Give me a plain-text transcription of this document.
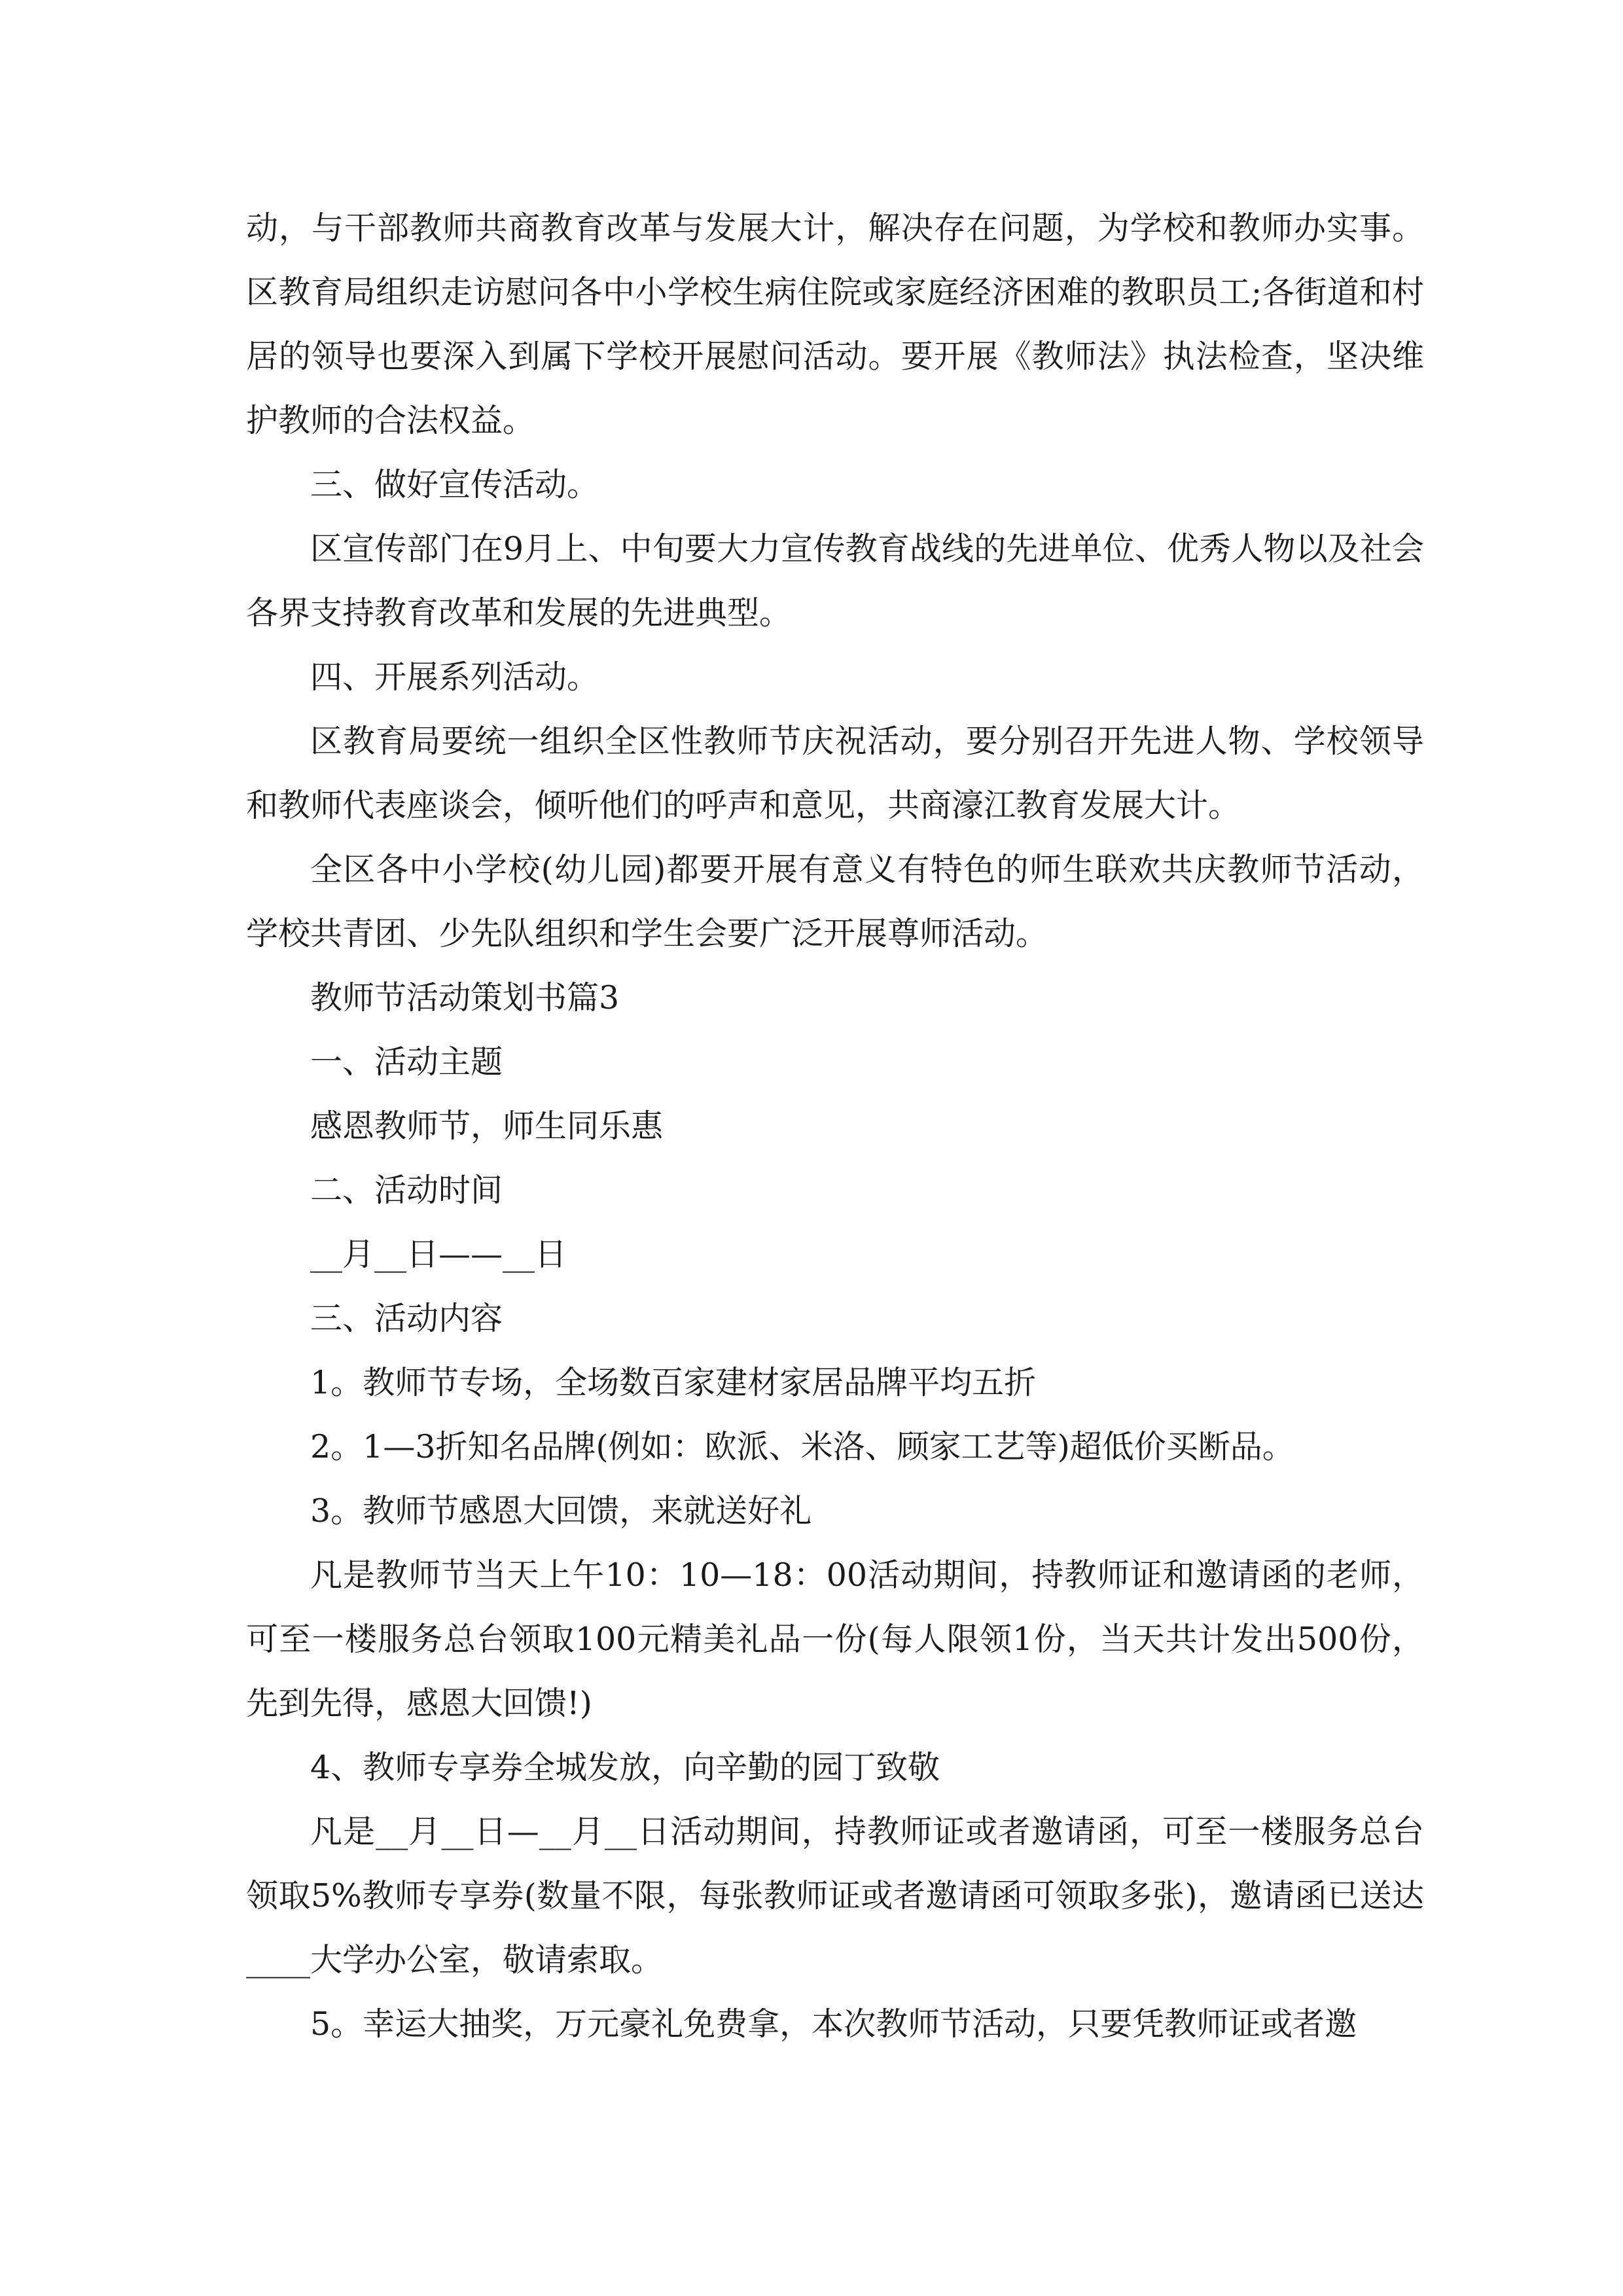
动，与干部教师共商教育改革与发展大计，解决存在问题，为学校和教师办实事。区教育局组织走访慰问各中小学校生病住院或家庭经济困难的教职员工;各街道和村居的领导也要深入到属下学校开展慰问活动。要开展《教师法》执法检查，坚决维护教师的合法权益。

三、做好宣传活动。

区宣传部门在9月上、中旬要大力宣传教育战线的先进单位、优秀人物以及社会各界支持教育改革和发展的先进典型。

四、开展系列活动。

区教育局要统一组织全区性教师节庆祝活动，要分别召开先进人物、学校领导和教师代表座谈会，倾听他们的呼声和意见，共商濠江教育发展大计。

全区各中小学校(幼儿园)都要开展有意义有特色的师生联欢共庆教师节活动，学校共青团、少先队组织和学生会要广泛开展尊师活动。

教师节活动策划书篇3

一、活动主题

感恩教师节，师生同乐惠

二、活动时间

__月__日——__日

三、活动内容

1。教师节专场，全场数百家建材家居品牌平均五折

2。1—3折知名品牌(例如：欧派、米洛、顾家工艺等)超低价买断品。

3。教师节感恩大回馈，来就送好礼

凡是教师节当天上午10：10—18：00活动期间，持教师证和邀请函的老师，可至一楼服务总台领取100元精美礼品一份(每人限领1份，当天共计发出500份，先到先得，感恩大回馈!)

4、教师专享券全城发放，向辛勤的园丁致敬

凡是__月__日—__月__日活动期间，持教师证或者邀请函，可至一楼服务总台领取5%教师专享券(数量不限，每张教师证或者邀请函可领取多张)，邀请函已送达____大学办公室，敬请索取。

5。幸运大抽奖，万元豪礼免费拿，本次教师节活动，只要凭教师证或者邀
